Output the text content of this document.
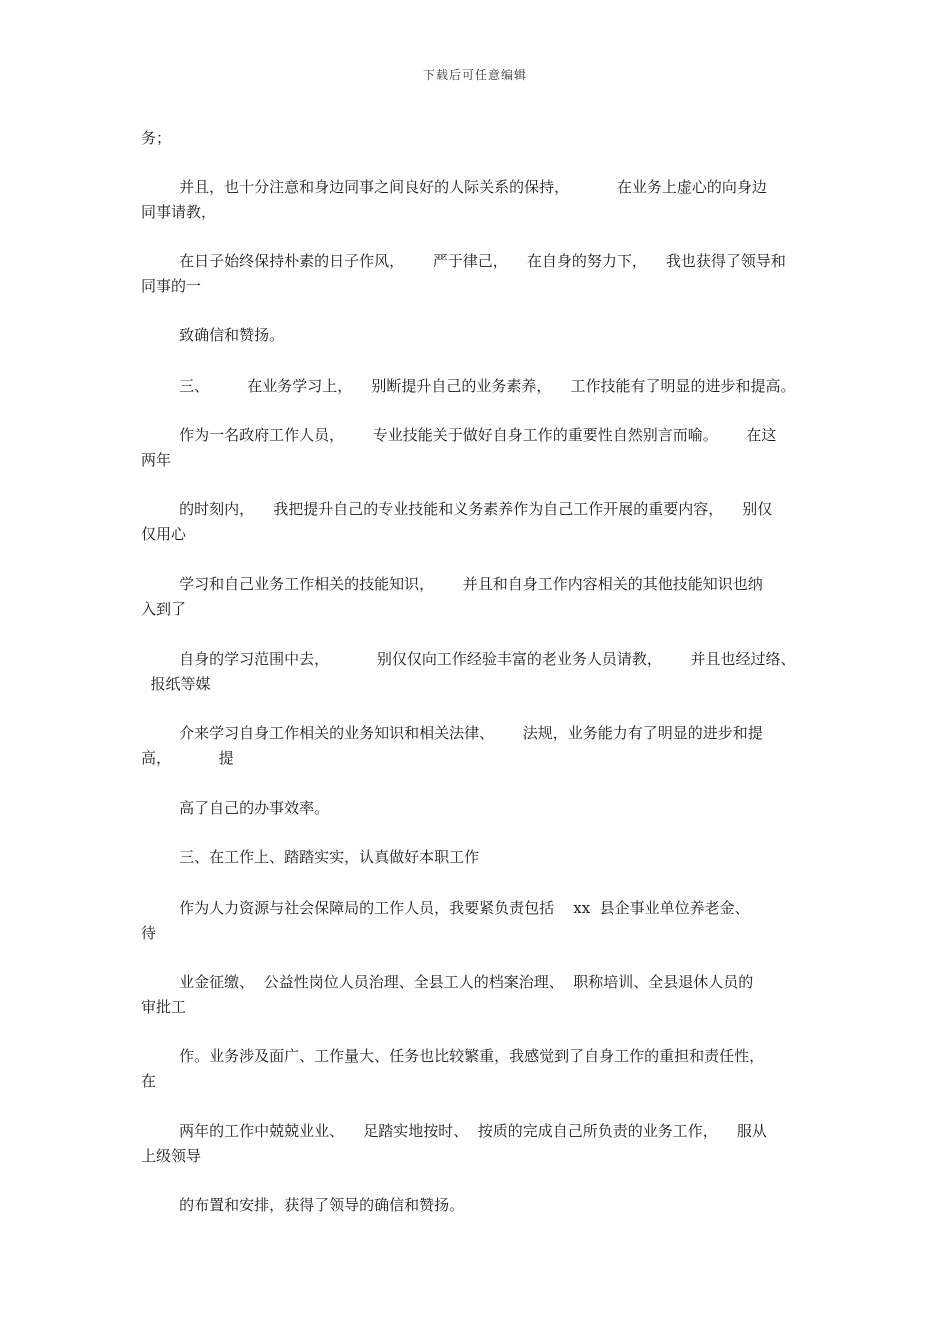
下载后可任意编辑

务；

并且，也十分注意和身边同事之间良好的人际关系的保持，          在业务上虚心的向身边
同事请教，

在日子始终保持朴素的日子作风，      严于律己，    在自身的努力下，    我也获得了领导和
同事的一

致确信和赞扬。

三、        在业务学习上，    别断提升自己的业务素养，    工作技能有了明显的进步和提高。

作为一名政府工作人员，      专业技能关于做好自身工作的重要性自然别言而喻。      在这
两年

的时刻内，    我把提升自己的专业技能和义务素养作为自己工作开展的重要内容，    别仅
仅用心

学习和自己业务工作相关的技能知识，      并且和自身工作内容相关的其他技能知识也纳
入到了

自身的学习范围中去，          别仅仅向工作经验丰富的老业务人员请教，      并且也经过络、
报纸等媒

介来学习自身工作相关的业务知识和相关法律、      法规，业务能力有了明显的进步和提
高，          提

高了自己的办事效率。

三、在工作上、踏踏实实，认真做好本职工作

作为人力资源与社会保障局的工作人员，我要紧负责包括    xx  县企事业单位养老金、
待

业金征缴、  公益性岗位人员治理、全县工人的档案治理、  职称培训、全县退休人员的
审批工

作。业务涉及面广、工作量大、任务也比较繁重，我感觉到了自身工作的重担和责任性，
在

两年的工作中兢兢业业、    足踏实地按时、  按质的完成自己所负责的业务工作，    服从
上级领导

的布置和安排，获得了领导的确信和赞扬。
